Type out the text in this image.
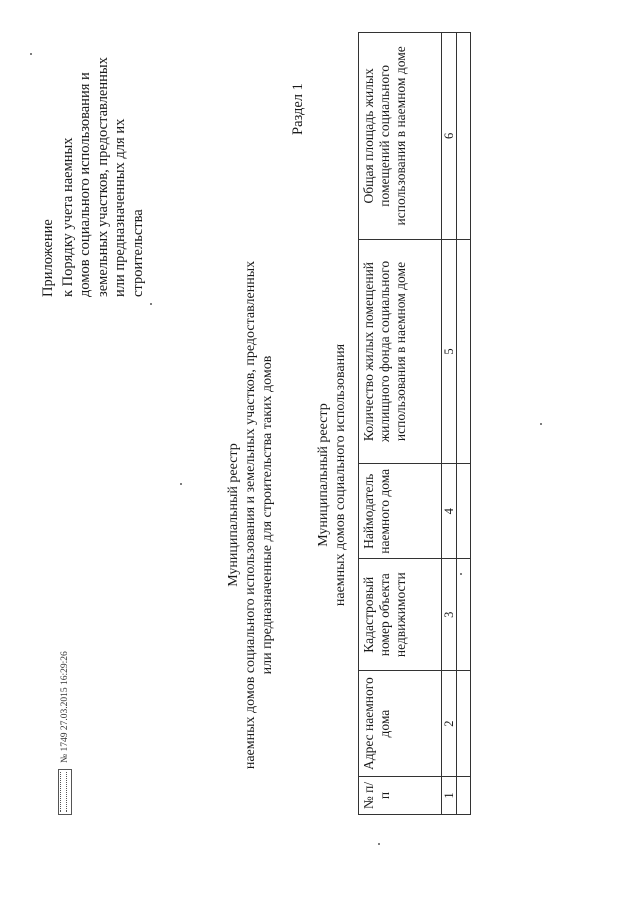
№ 1749 27.03.2015 16:29:26
Приложение к Порядку учета наемных домов социального использования и земельных участков, предоставленных или предназначенных для их строительства
Муниципальный реестр наемных домов социального использования и земельных участков, предоставленных или предназначенные для строительства таких домов
Раздел 1
Муниципальный реестр наемных домов социального использования
№ п/п	Адрес наемного дома	Кадастровый номер объекта недвижимости	Наймодатель наемного дома	Количество жилых помещений жилищного фонда социального использования в наемном доме	Общая площадь жилых помещений социального использования в наемном доме
1	2	3	4	5	6
